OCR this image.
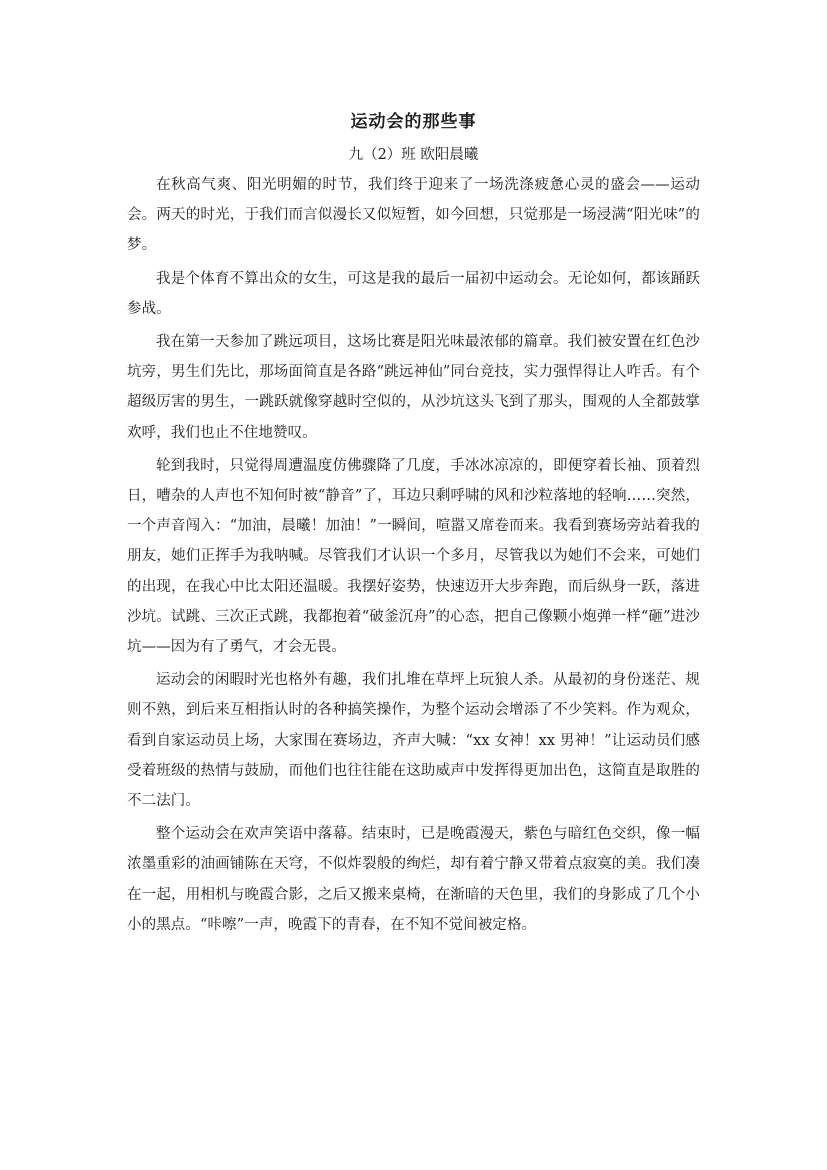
运动会的那些事
九（2）班 欧阳晨曦

在秋高气爽、阳光明媚的时节，我们终于迎来了一场洗涤疲惫心灵的盛会——运动会。两天的时光，于我们而言似漫长又似短暂，如今回想，只觉那是一场浸满“阳光味”的梦。

我是个体育不算出众的女生，可这是我的最后一届初中运动会。无论如何，都该踊跃参战。

我在第一天参加了跳远项目，这场比赛是阳光味最浓郁的篇章。我们被安置在红色沙坑旁，男生们先比，那场面简直是各路“跳远神仙”同台竞技，实力强悍得让人咋舌。有个超级厉害的男生，一跳跃就像穿越时空似的，从沙坑这头飞到了那头，围观的人全都鼓掌欢呼，我们也止不住地赞叹。

轮到我时，只觉得周遭温度仿佛骤降了几度，手冰冰凉凉的，即便穿着长袖、顶着烈日，嘈杂的人声也不知何时被“静音”了，耳边只剩呼啸的风和沙粒落地的轻响……突然，一个声音闯入：“加油，晨曦！加油！”一瞬间，喧嚣又席卷而来。我看到赛场旁站着我的朋友，她们正挥手为我呐喊。尽管我们才认识一个多月，尽管我以为她们不会来，可她们的出现，在我心中比太阳还温暖。我摆好姿势，快速迈开大步奔跑，而后纵身一跃，落进沙坑。试跳、三次正式跳，我都抱着“破釜沉舟”的心态，把自己像颗小炮弹一样“砸”进沙坑——因为有了勇气，才会无畏。

运动会的闲暇时光也格外有趣，我们扎堆在草坪上玩狼人杀。从最初的身份迷茫、规则不熟，到后来互相指认时的各种搞笑操作，为整个运动会增添了不少笑料。作为观众，看到自家运动员上场，大家围在赛场边，齐声大喊：“xx 女神！xx 男神！”让运动员们感受着班级的热情与鼓励，而他们也往往能在这助威声中发挥得更加出色，这简直是取胜的不二法门。

整个运动会在欢声笑语中落幕。结束时，已是晚霞漫天，紫色与暗红色交织，像一幅浓墨重彩的油画铺陈在天穹，不似炸裂般的绚烂，却有着宁静又带着点寂寞的美。我们凑在一起，用相机与晚霞合影，之后又搬来桌椅，在渐暗的天色里，我们的身影成了几个小小的黑点。“咔嚓”一声，晚霞下的青春，在不知不觉间被定格。
